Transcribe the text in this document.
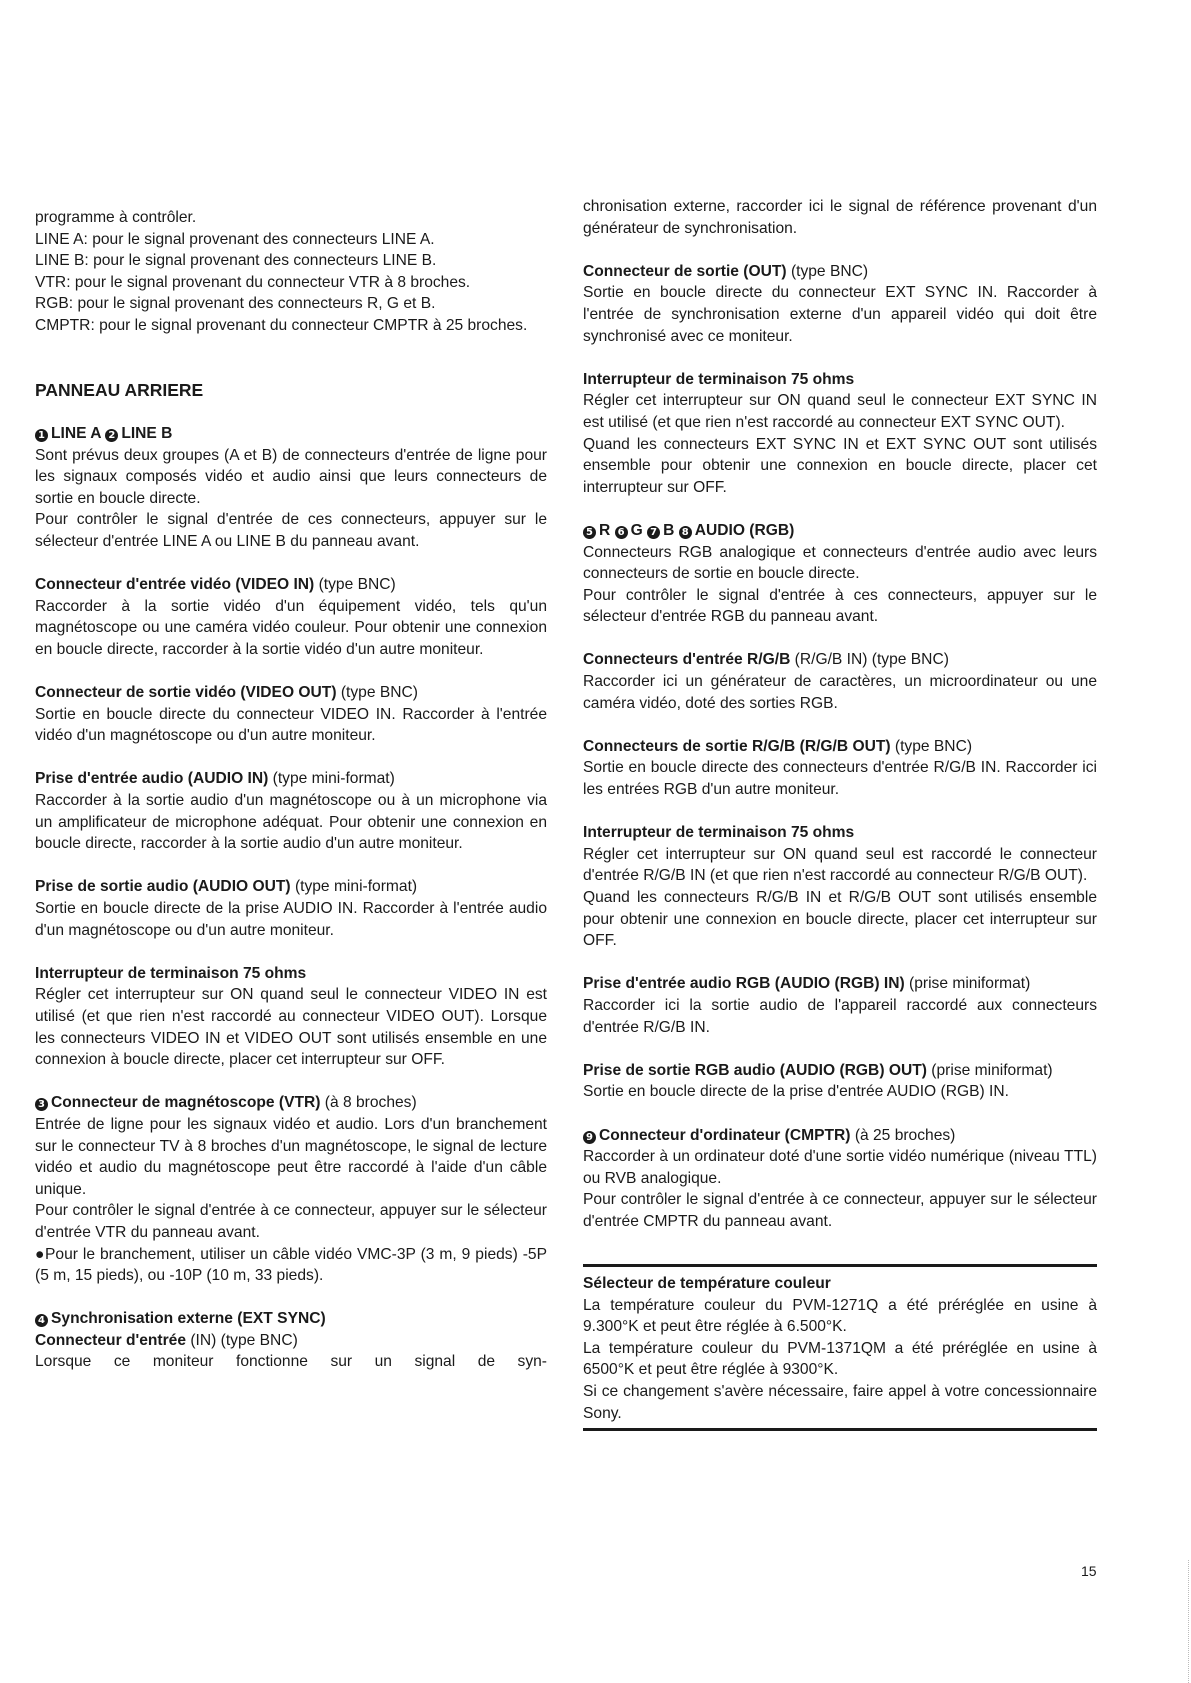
programme à contrôler.

LINE A: pour le signal provenant des connecteurs LINE A.

LINE B: pour le signal provenant des connecteurs LINE B.

VTR: pour le signal provenant du connecteur VTR à 8 broches.

RGB: pour le signal provenant des connecteurs R, G et B.

CMPTR: pour le signal provenant du connecteur CMPTR à 25 broches.

PANNEAU ARRIERE

1 LINE A 2 LINE B

Sont prévus deux groupes (A et B) de connecteurs d'entrée de ligne pour les signaux composés vidéo et audio ainsi que leurs connecteurs de sortie en boucle directe.

Pour contrôler le signal d'entrée de ces connecteurs, appuyer sur le sélecteur d'entrée LINE A ou LINE B du panneau avant.

Connecteur d'entrée vidéo (VIDEO IN) (type BNC)

Raccorder à la sortie vidéo d'un équipement vidéo, tels qu'un magnétoscope ou une caméra vidéo couleur. Pour obtenir une connexion en boucle directe, raccorder à la sortie vidéo d'un autre moniteur.

Connecteur de sortie vidéo (VIDEO OUT) (type BNC)

Sortie en boucle directe du connecteur VIDEO IN. Raccorder à l'entrée vidéo d'un magnétoscope ou d'un autre moniteur.

Prise d'entrée audio (AUDIO IN) (type mini-format)

Raccorder à la sortie audio d'un magnétoscope ou à un microphone via un amplificateur de microphone adéquat. Pour obtenir une connexion en boucle directe, raccorder à la sortie audio d'un autre moniteur.

Prise de sortie audio (AUDIO OUT) (type mini-format)

Sortie en boucle directe de la prise AUDIO IN. Raccorder à l'entrée audio d'un magnétoscope ou d'un autre moniteur.

Interrupteur de terminaison 75 ohms

Régler cet interrupteur sur ON quand seul le connecteur VIDEO IN est utilisé (et que rien n'est raccordé au connecteur VIDEO OUT). Lorsque les connecteurs VIDEO IN et VIDEO OUT sont utilisés ensemble en une connexion à boucle directe, placer cet interrupteur sur OFF.

3 Connecteur de magnétoscope (VTR) (à 8 broches)

Entrée de ligne pour les signaux vidéo et audio. Lors d'un branchement sur le connecteur TV à 8 broches d'un magnétoscope, le signal de lecture vidéo et audio du magnétoscope peut être raccordé à l'aide d'un câble unique.

Pour contrôler le signal d'entrée à ce connecteur, appuyer sur le sélecteur d'entrée VTR du panneau avant.

●Pour le branchement, utiliser un câble vidéo VMC-3P (3 m, 9 pieds) -5P (5 m, 15 pieds), ou -10P (10 m, 33 pieds).

4 Synchronisation externe (EXT SYNC)

Connecteur d'entrée (IN) (type BNC)

Lorsque ce moniteur fonctionne sur un signal de syn-

chronisation externe, raccorder ici le signal de référence provenant d'un générateur de synchronisation.

Connecteur de sortie (OUT) (type BNC)

Sortie en boucle directe du connecteur EXT SYNC IN. Raccorder à l'entrée de synchronisation externe d'un appareil vidéo qui doit être synchronisé avec ce moniteur.

Interrupteur de terminaison 75 ohms

Régler cet interrupteur sur ON quand seul le connecteur EXT SYNC IN est utilisé (et que rien n'est raccordé au connecteur EXT SYNC OUT).

Quand les connecteurs EXT SYNC IN et EXT SYNC OUT sont utilisés ensemble pour obtenir une connexion en boucle directe, placer cet interrupteur sur OFF.

5 R 6 G 7 B 8 AUDIO (RGB)

Connecteurs RGB analogique et connecteurs d'entrée audio avec leurs connecteurs de sortie en boucle directe.

Pour contrôler le signal d'entrée à ces connecteurs, appuyer sur le sélecteur d'entrée RGB du panneau avant.

Connecteurs d'entrée R/G/B (R/G/B IN) (type BNC)

Raccorder ici un générateur de caractères, un microordinateur ou une caméra vidéo, doté des sorties RGB.

Connecteurs de sortie R/G/B (R/G/B OUT) (type BNC)

Sortie en boucle directe des connecteurs d'entrée R/G/B IN. Raccorder ici les entrées RGB d'un autre moniteur.

Interrupteur de terminaison 75 ohms

Régler cet interrupteur sur ON quand seul est raccordé le connecteur d'entrée R/G/B IN (et que rien n'est raccordé au connecteur R/G/B OUT).

Quand les connecteurs R/G/B IN et R/G/B OUT sont utilisés ensemble pour obtenir une connexion en boucle directe, placer cet interrupteur sur OFF.

Prise d'entrée audio RGB (AUDIO (RGB) IN) (prise miniformat)

Raccorder ici la sortie audio de l'appareil raccordé aux connecteurs d'entrée R/G/B IN.

Prise de sortie RGB audio (AUDIO (RGB) OUT) (prise miniformat)

Sortie en boucle directe de la prise d'entrée AUDIO (RGB) IN.

9 Connecteur d'ordinateur (CMPTR) (à 25 broches)

Raccorder à un ordinateur doté d'une sortie vidéo numérique (niveau TTL) ou RVB analogique.

Pour contrôler le signal d'entrée à ce connecteur, appuyer sur le sélecteur d'entrée CMPTR du panneau avant.

Sélecteur de température couleur

La température couleur du PVM-1271Q a été préréglée en usine à 9.300°K et peut être réglée à 6.500°K.

La température couleur du PVM-1371QM a été préréglée en usine à 6500°K et peut être réglée à 9300°K.

Si ce changement s'avère nécessaire, faire appel à votre concessionnaire Sony.

15
